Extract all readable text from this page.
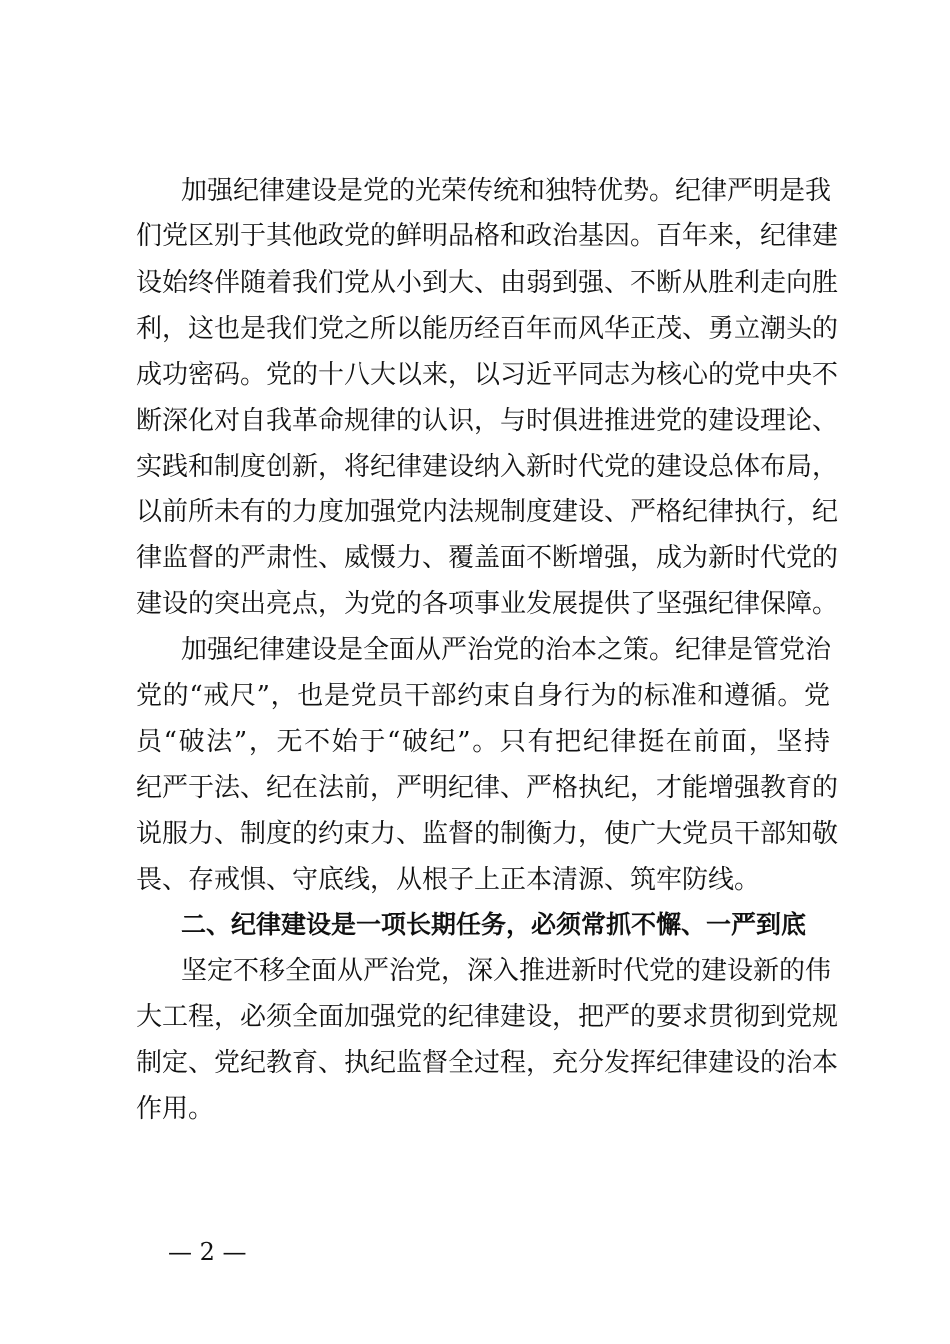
加强纪律建设是党的光荣传统和独特优势。纪律严明是我
们党区别于其他政党的鲜明品格和政治基因。百年来，纪律建
设始终伴随着我们党从小到大、由弱到强、不断从胜利走向胜
利，这也是我们党之所以能历经百年而风华正茂、勇立潮头的
成功密码。党的十八大以来，以习近平同志为核心的党中央不
断深化对自我革命规律的认识，与时俱进推进党的建设理论、
实践和制度创新，将纪律建设纳入新时代党的建设总体布局，
以前所未有的力度加强党内法规制度建设、严格纪律执行，纪
律监督的严肃性、威慑力、覆盖面不断增强，成为新时代党的
建设的突出亮点，为党的各项事业发展提供了坚强纪律保障。
加强纪律建设是全面从严治党的治本之策。纪律是管党治
党的“戒尺”，也是党员干部约束自身行为的标准和遵循。党
员“破法”，无不始于“破纪”。只有把纪律挺在前面，坚持
纪严于法、纪在法前，严明纪律、严格执纪，才能增强教育的
说服力、制度的约束力、监督的制衡力，使广大党员干部知敬
畏、存戒惧、守底线，从根子上正本清源、筑牢防线。
二、纪律建设是一项长期任务，必须常抓不懈、一严到底
坚定不移全面从严治党，深入推进新时代党的建设新的伟
大工程，必须全面加强党的纪律建设，把严的要求贯彻到党规
制定、党纪教育、执纪监督全过程，充分发挥纪律建设的治本
作用。
— 2 —
